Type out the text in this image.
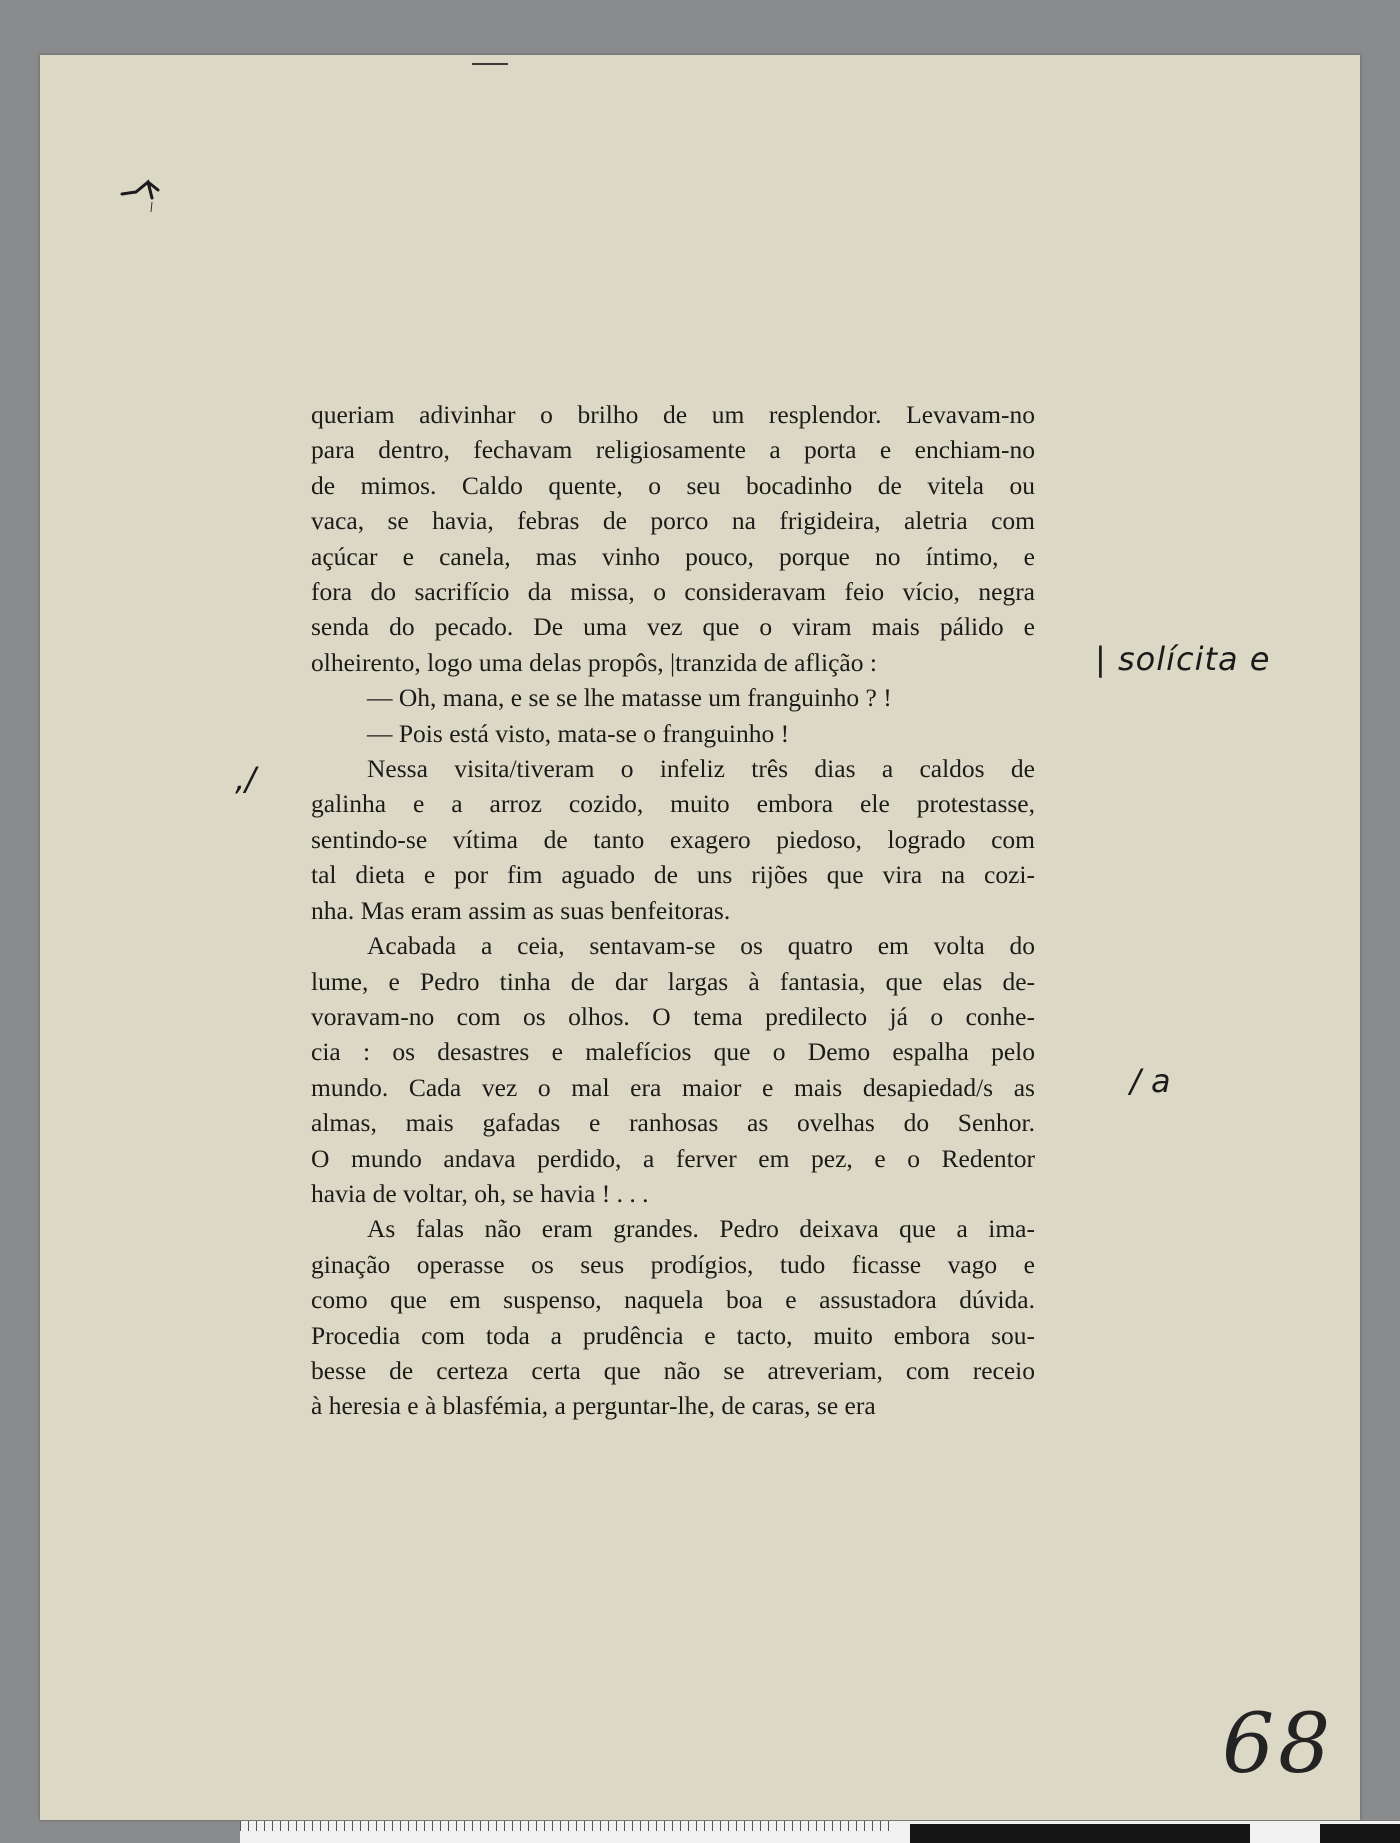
queriam adivinhar o brilho de um resplendor. Levavam-no
para dentro, fechavam religiosamente a porta e enchiam-no
de mimos. Caldo quente, o seu bocadinho de vitela ou
vaca, se havia, febras de porco na frigideira, aletria com
açúcar e canela, mas vinho pouco, porque no íntimo, e
fora do sacrifício da missa, o consideravam feio vício, negra
senda do pecado. De uma vez que o viram mais pálido e
olheirento, logo uma delas propôs, |tranzida de aflição :
— Oh, mana, e se se lhe matasse um franguinho ? !
— Pois está visto, mata-se o franguinho !
Nessa visita/tiveram o infeliz três dias a caldos de
galinha e a arroz cozido, muito embora ele protestasse,
sentindo-se vítima de tanto exagero piedoso, logrado com
tal dieta e por fim aguado de uns rijões que vira na cozi-
nha. Mas eram assim as suas benfeitoras.
Acabada a ceia, sentavam-se os quatro em volta do
lume, e Pedro tinha de dar largas à fantasia, que elas de-
voravam-no com os olhos. O tema predilecto já o conhe-
cia : os desastres e malefícios que o Demo espalha pelo
mundo. Cada vez o mal era maior e mais desapiedad/s as
almas, mais gafadas e ranhosas as ovelhas do Senhor.
O mundo andava perdido, a ferver em pez, e o Redentor
havia de voltar, oh, se havia ! . . .
As falas não eram grandes. Pedro deixava que a ima-
ginação operasse os seus prodígios, tudo ficasse vago e
como que em suspenso, naquela boa e assustadora dúvida.
Procedia com toda a prudência e tacto, muito embora sou-
besse de certeza certa que não se atreveriam, com receio
à heresia e à blasfémia, a perguntar-lhe, de caras, se era
,/
| solícita e
/ a
68
